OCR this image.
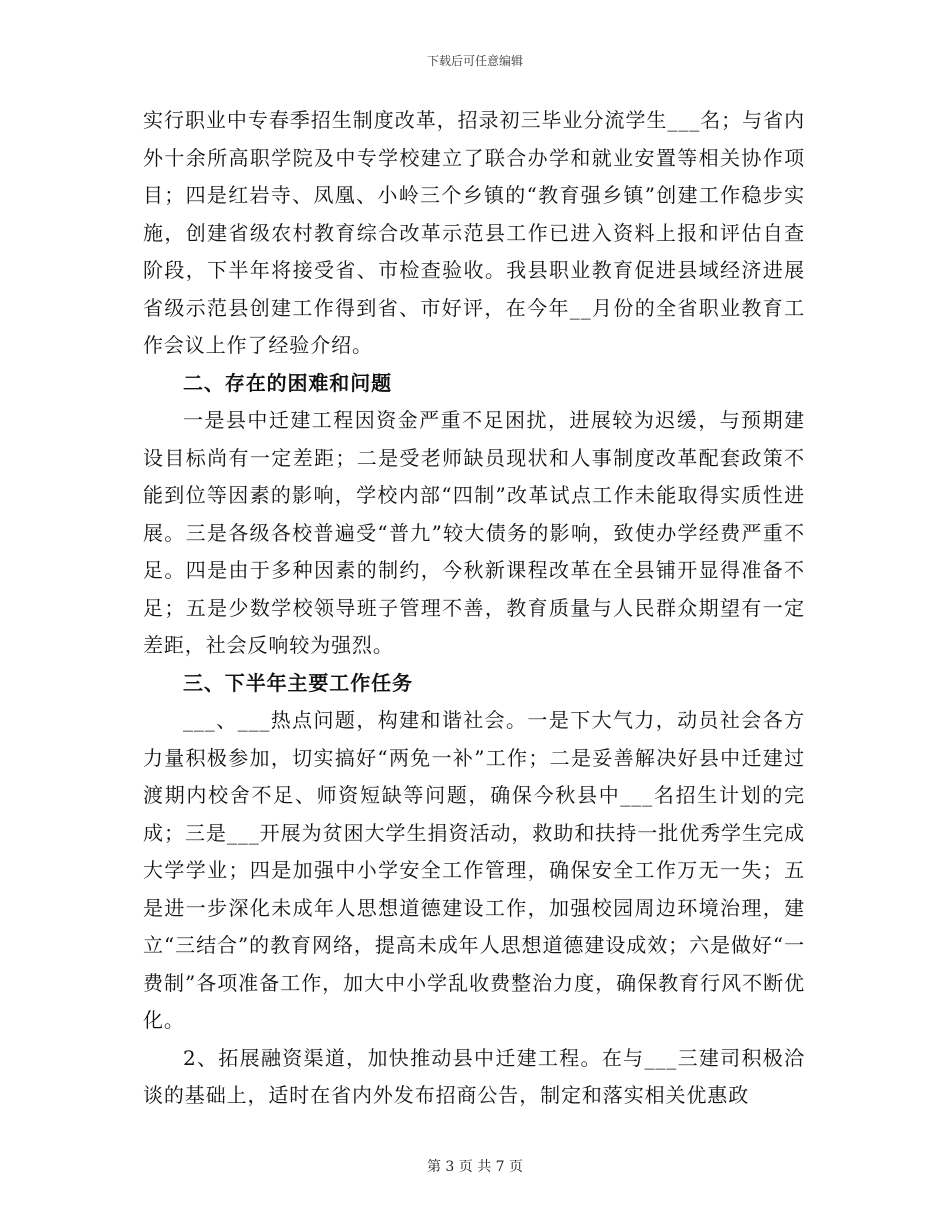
下载后可任意编辑

实行职业中专春季招生制度改革，招录初三毕业分流学生___名；与省内外十余所高职学院及中专学校建立了联合办学和就业安置等相关协作项目；四是红岩寺、凤凰、小岭三个乡镇的“教育强乡镇”创建工作稳步实施，创建省级农村教育综合改革示范县工作已进入资料上报和评估自查阶段，下半年将接受省、市检查验收。我县职业教育促进县域经济进展省级示范县创建工作得到省、市好评，在今年__月份的全省职业教育工作会议上作了经验介绍。

二、存在的困难和问题

一是县中迁建工程因资金严重不足困扰，进展较为迟缓，与预期建设目标尚有一定差距；二是受老师缺员现状和人事制度改革配套政策不能到位等因素的影响，学校内部“四制”改革试点工作未能取得实质性进展。三是各级各校普遍受“普九”较大债务的影响，致使办学经费严重不足。四是由于多种因素的制约，今秋新课程改革在全县铺开显得准备不足；五是少数学校领导班子管理不善，教育质量与人民群众期望有一定差距，社会反响较为强烈。

三、下半年主要工作任务

___、___热点问题，构建和谐社会。一是下大气力，动员社会各方力量积极参加，切实搞好“两免一补”工作；二是妥善解决好县中迁建过渡期内校舍不足、师资短缺等问题，确保今秋县中___名招生计划的完成；三是___开展为贫困大学生捐资活动，救助和扶持一批优秀学生完成大学学业；四是加强中小学安全工作管理，确保安全工作万无一失；五是进一步深化未成年人思想道德建设工作，加强校园周边环境治理，建立“三结合”的教育网络，提高未成年人思想道德建设成效；六是做好“一费制”各项准备工作，加大中小学乱收费整治力度，确保教育行风不断优化。

2、拓展融资渠道，加快推动县中迁建工程。在与___三建司积极洽谈的基础上，适时在省内外发布招商公告，制定和落实相关优惠政

第 3 页 共 7 页
